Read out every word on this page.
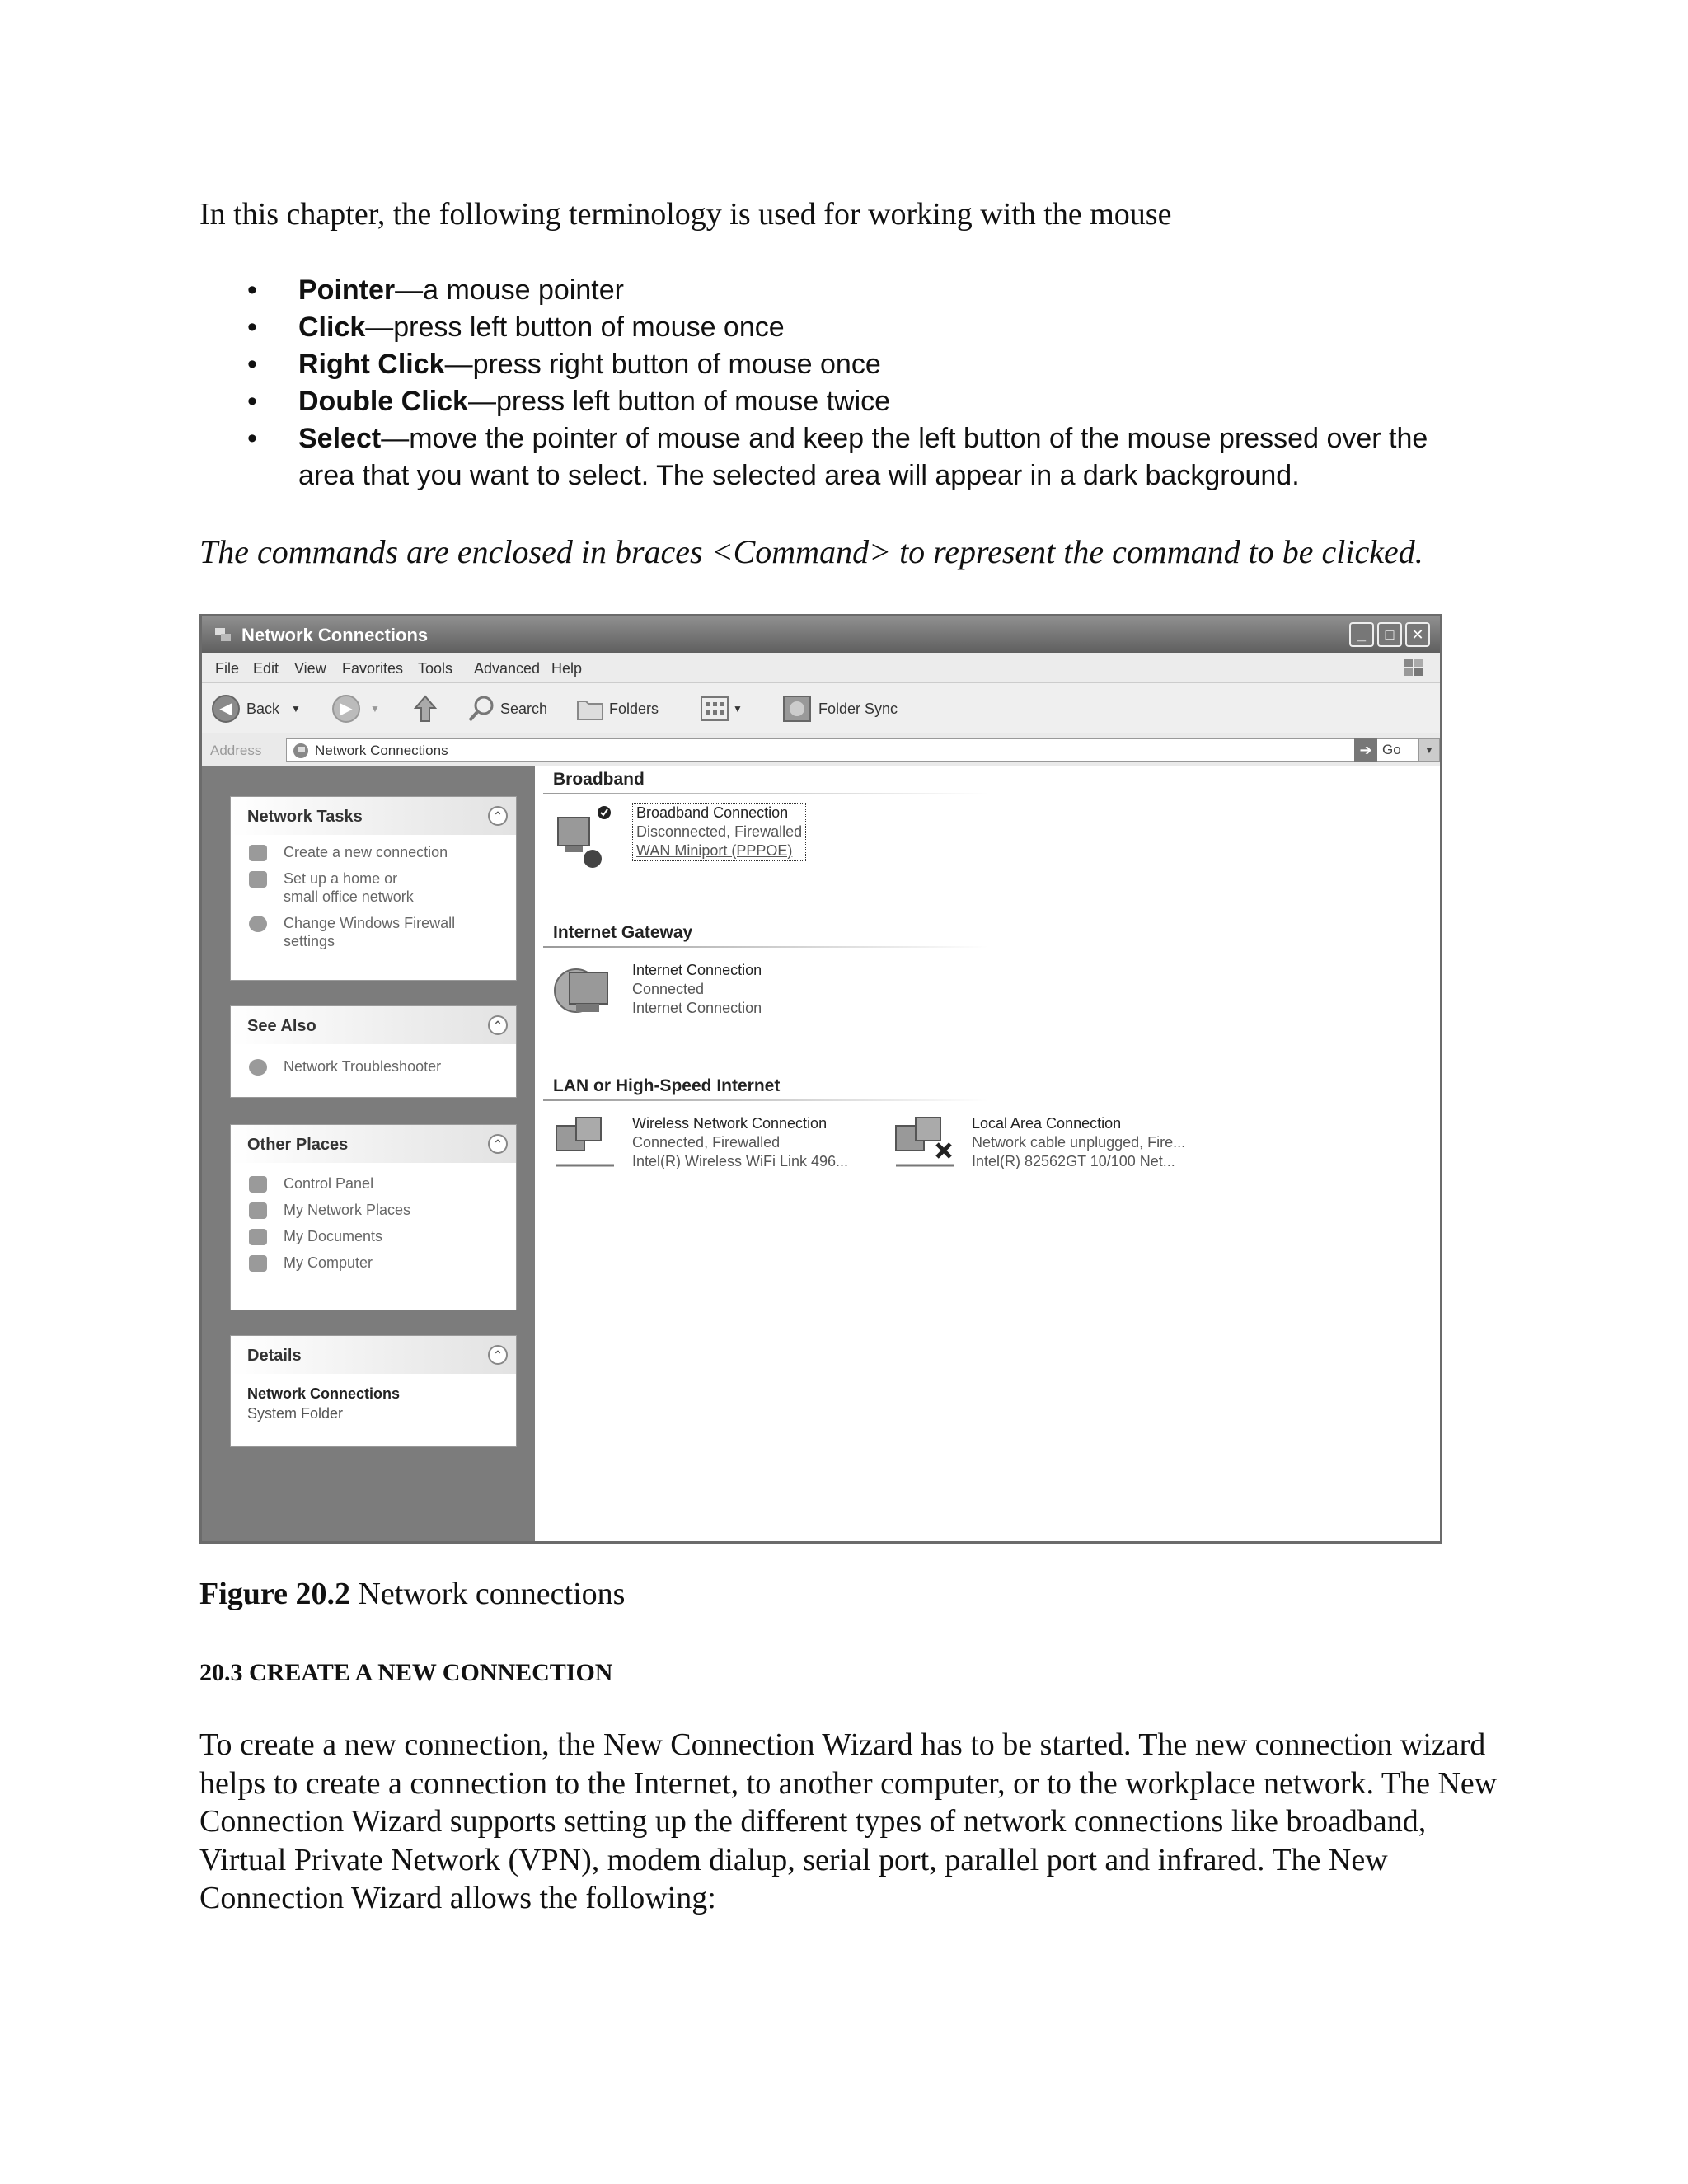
In this chapter, the following terminology is used for working with the mouse
• Pointer—a mouse pointer
• Click—press left button of mouse once
• Right Click—press right button of mouse once
• Double Click—press left button of mouse twice
• Select—move the pointer of mouse and keep the left button of the mouse pressed over the area that you want to select. The selected area will appear in a dark background.
The commands are enclosed in braces <Command> to represent the command to be clicked.
Network Connections	_	□	✕
File Edit View Favorites Tools Advanced Help
◀ Back ▼	▶	▼	Search	Folders	▼	Folder Sync
Address	Network Connections	▼
➔ Go
Network Tasks	⌃
Create a new connection
Set up a home or small office network
Change Windows Firewall settings
See Also	⌃
Network Troubleshooter
Other Places	⌃
Control Panel
My Network Places
My Documents
My Computer
Details	⌃
Network Connections
System Folder
Broadband
Broadband Connection
Disconnected, Firewalled
WAN Miniport (PPPOE)
Internet Gateway
Internet Connection
Connected
Internet Connection
LAN or High-Speed Internet
Wireless Network Connection
Connected, Firewalled
Intel(R) Wireless WiFi Link 496...
Local Area Connection
Network cable unplugged, Fire...
Intel(R) 82562GT 10/100 Net...
Figure 20.2 Network connections
20.3 CREATE A NEW CONNECTION
To create a new connection, the New Connection Wizard has to be started. The new connection wizard helps to create a connection to the Internet, to another computer, or to the workplace network. The New Connection Wizard supports setting up the different types of network connections like broadband, Virtual Private Network (VPN), modem dialup, serial port, parallel port and infrared. The New Connection Wizard allows the following:
